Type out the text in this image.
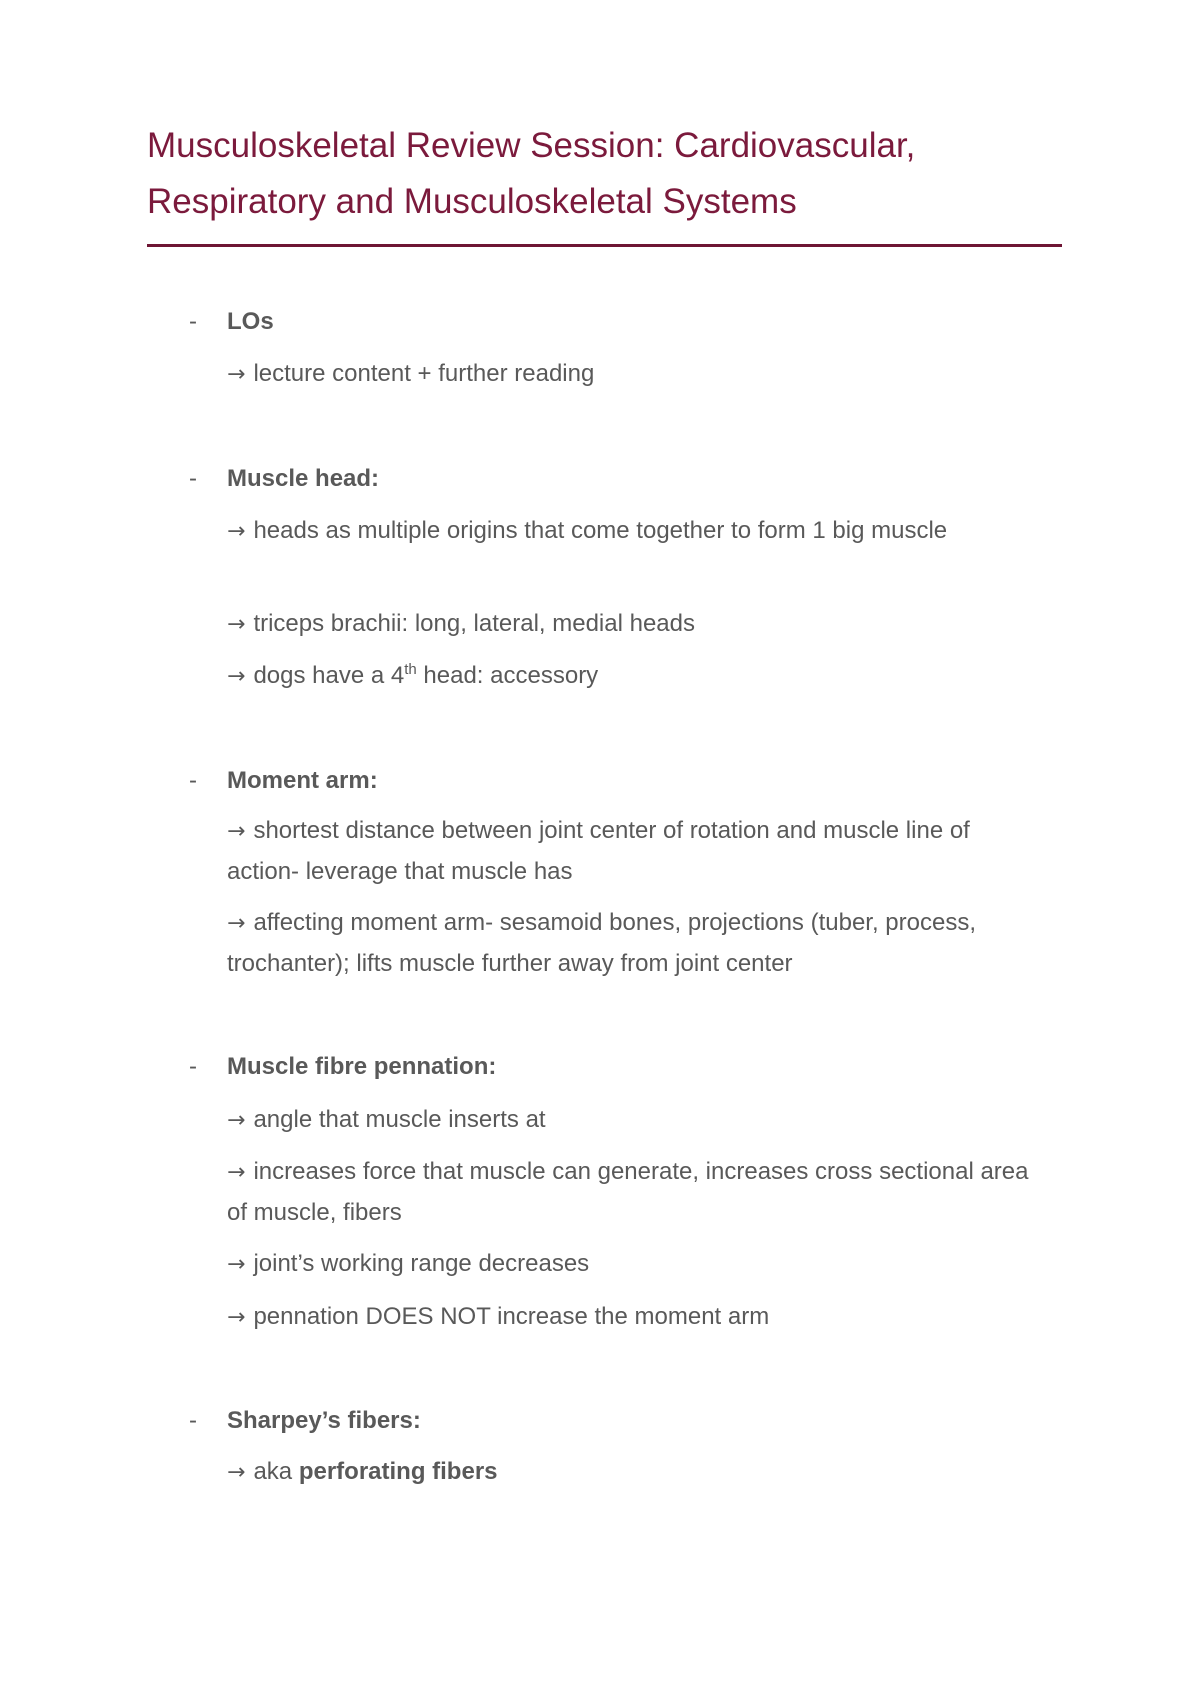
Musculoskeletal Review Session: Cardiovascular,
Respiratory and Musculoskeletal Systems
- LOs

→ lecture content + further reading

- Muscle head:

→ heads as multiple origins that come together to form 1 big muscle

→ triceps brachii: long, lateral, medial heads

→ dogs have a 4th head: accessory

- Moment arm:

→ shortest distance between joint center of rotation and muscle line of action- leverage that muscle has

→ affecting moment arm- sesamoid bones, projections (tuber, process, trochanter); lifts muscle further away from joint center

- Muscle fibre pennation:

→ angle that muscle inserts at

→ increases force that muscle can generate, increases cross sectional area of muscle, fibers

→ joint’s working range decreases

→ pennation DOES NOT increase the moment arm

- Sharpey’s fibers:

→ aka perforating fibers
